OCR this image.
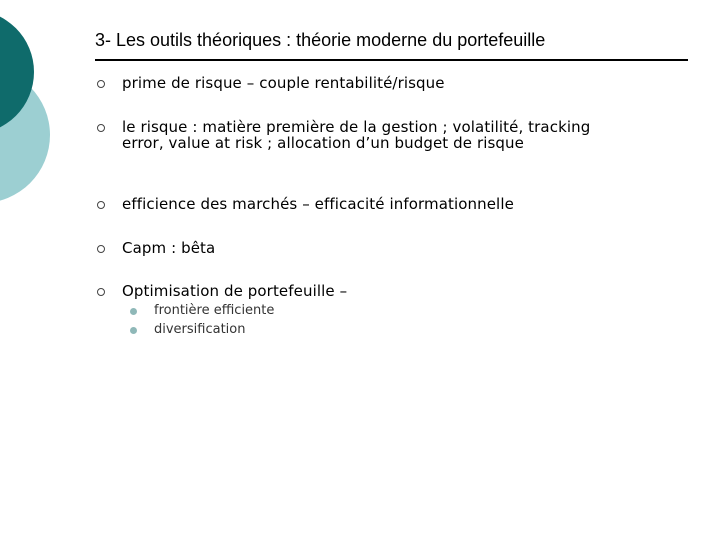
3- Les outils théoriques : théorie moderne du portefeuille
prime de risque – couple rentabilité/risque
le risque : matière première de la gestion ; volatilité, tracking error, value at risk ; allocation d’un budget de risque
efficience des marchés – efficacité informationnelle
Capm : bêta
Optimisation de portefeuille –
frontière efficiente
diversification
